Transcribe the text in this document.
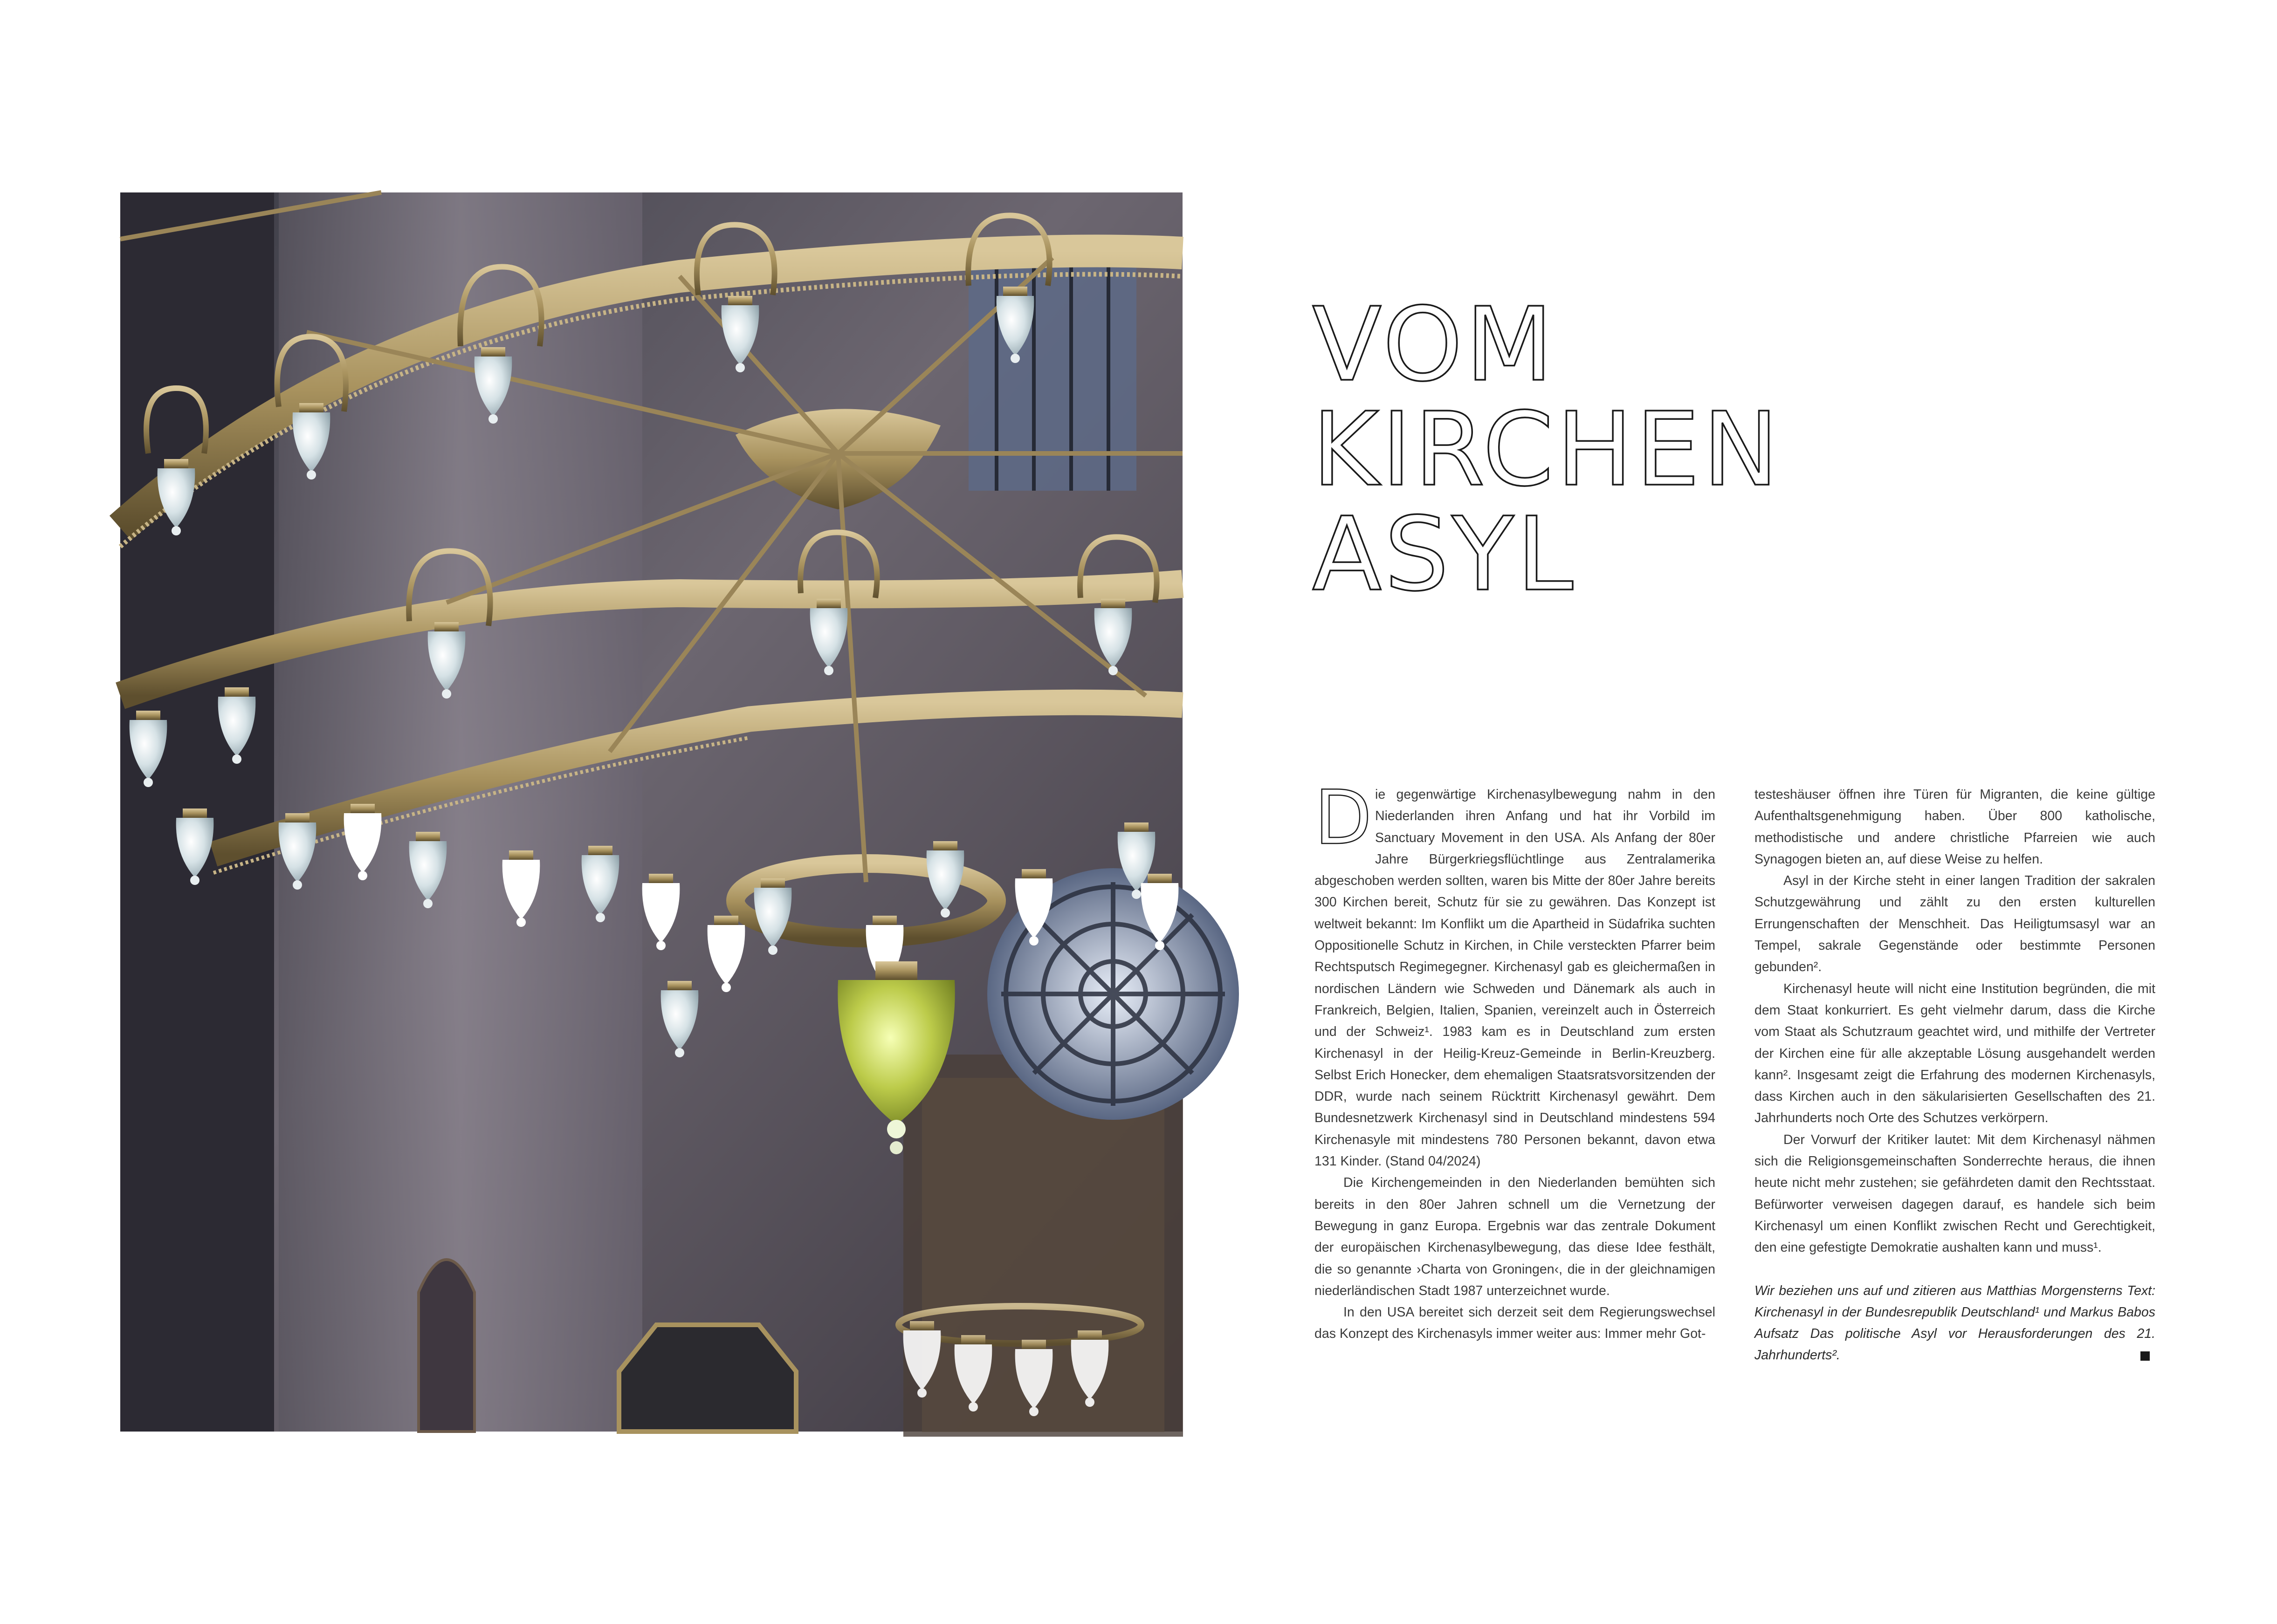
VOM
KIRCHEN
ASYL

D ie gegenwärtige Kirchenasylbewegung nahm in den Niederlanden ihren Anfang und hat ihr Vorbild im Sanctuary Movement in den USA. Als Anfang der 80er Jahre Bürgerkriegsflüchtlinge aus Zentralamerika abgeschoben werden sollten, waren bis Mitte der 80er Jahre bereits 300 Kirchen bereit, Schutz für sie zu gewähren. Das Konzept ist weltweit bekannt: Im Konflikt um die Apartheid in Südafrika suchten Oppositionelle Schutz in Kirchen, in Chile versteckten Pfarrer beim Rechtsputsch Regimegegner. Kirchenasyl gab es gleichermaßen in nordischen Ländern wie Schweden und Dänemark als auch in Frankreich, Belgien, Italien, Spanien, vereinzelt auch in Österreich und der Schweiz¹. 1983 kam es in Deutschland zum ersten Kirchenasyl in der Heilig-Kreuz-Gemeinde in Berlin-Kreuzberg. Selbst Erich Honecker, dem ehemaligen Staatsratsvorsitzenden der DDR, wurde nach seinem Rücktritt Kirchenasyl gewährt. Dem Bundesnetzwerk Kirchenasyl sind in Deutschland mindestens 594 Kirchenasyle mit mindestens 780 Personen bekannt, davon etwa 131 Kinder. (Stand 04/2024)

Die Kirchengemeinden in den Niederlanden bemühten sich bereits in den 80er Jahren schnell um die Vernetzung der Bewegung in ganz Europa. Ergebnis war das zentrale Dokument der europäischen Kirchenasylbewegung, das diese Idee festhält, die so genannte ›Charta von Groningen‹, die in der gleichnamigen niederländischen Stadt 1987 unterzeichnet wurde.

In den USA bereitet sich derzeit seit dem Regierungswechsel das Konzept des Kirchenasyls immer weiter aus: Immer mehr Got-

testeshäuser öffnen ihre Türen für Migranten, die keine gültige Aufenthaltsgenehmigung haben. Über 800 katholische, methodistische und andere christliche Pfarreien wie auch Synagogen bieten an, auf diese Weise zu helfen.

Asyl in der Kirche steht in einer langen Tradition der sakralen Schutzgewährung und zählt zu den ersten kulturellen Errungenschaften der Menschheit. Das Heiligtumsasyl war an Tempel, sakrale Gegenstände oder bestimmte Personen gebunden².

Kirchenasyl heute will nicht eine Institution begründen, die mit dem Staat konkurriert. Es geht vielmehr darum, dass die Kirche vom Staat als Schutzraum geachtet wird, und mithilfe der Vertreter der Kirchen eine für alle akzeptable Lösung ausgehandelt werden kann². Insgesamt zeigt die Erfahrung des modernen Kirchenasyls, dass Kirchen auch in den säkularisierten Gesellschaften des 21. Jahrhunderts noch Orte des Schutzes verkörpern.

Der Vorwurf der Kritiker lautet: Mit dem Kirchenasyl nähmen sich die Religionsgemeinschaften Sonderrechte heraus, die ihnen heute nicht mehr zustehen; sie gefährdeten damit den Rechtsstaat. Befürworter verweisen dagegen darauf, es handele sich beim Kirchenasyl um einen Konflikt zwischen Recht und Gerechtigkeit, den eine gefestigte Demokratie aushalten kann und muss¹.

Wir beziehen uns auf und zitieren aus Matthias Morgensterns Text: Kirchenasyl in der Bundesrepublik Deutschland¹ und Markus Babos Aufsatz Das politische Asyl vor Herausforderungen des 21. Jahrhunderts².
